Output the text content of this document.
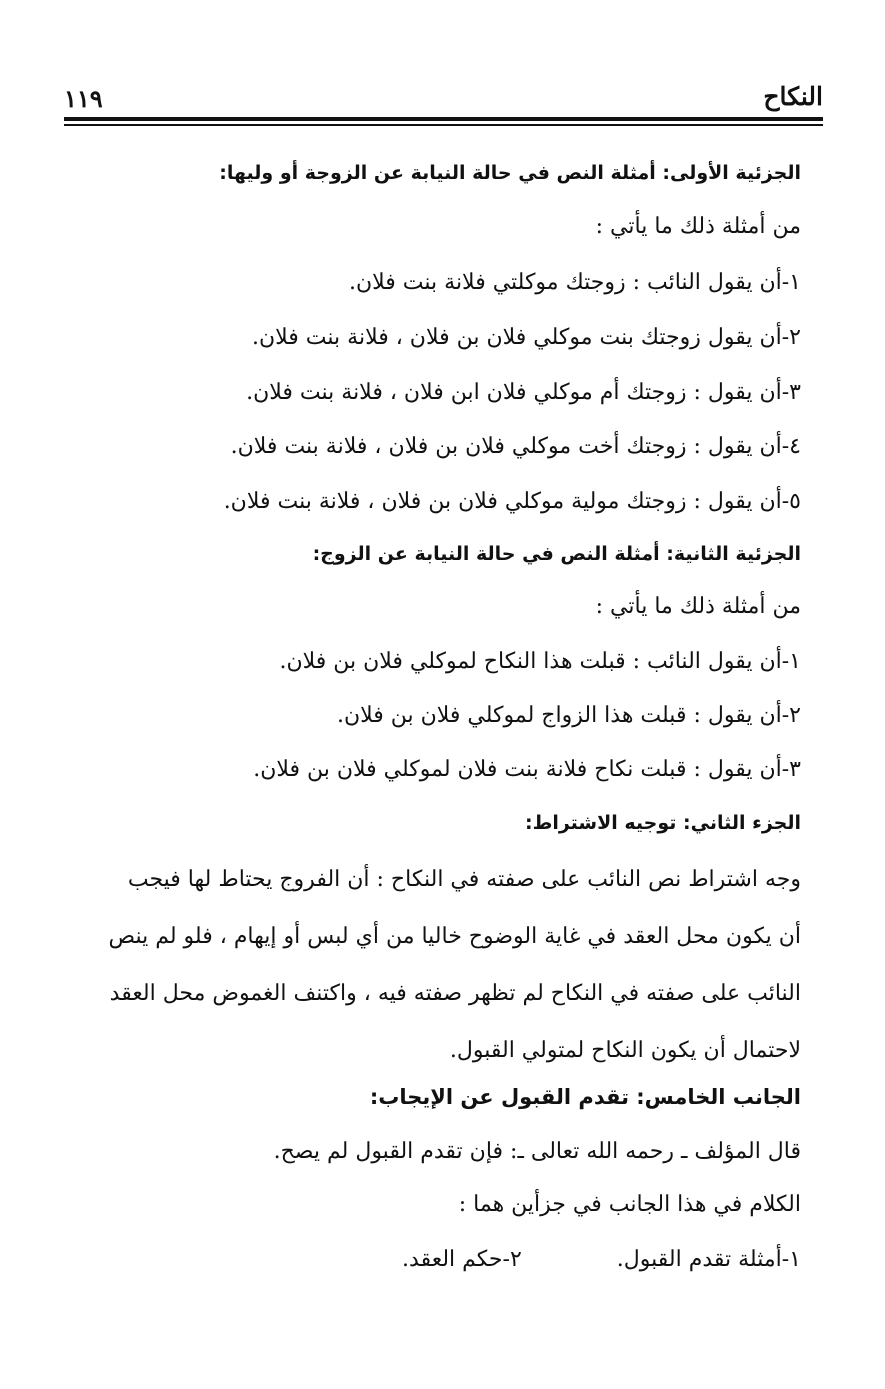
النكاح
١١٩
الجزئية الأولى: أمثلة النص في حالة النيابة عن الزوجة أو وليها:
من أمثلة ذلك ما يأتي :
١-أن يقول النائب : زوجتك موكلتي فلانة بنت فلان.
٢-أن يقول زوجتك بنت موكلي فلان بن فلان ، فلانة بنت فلان.
٣-أن يقول : زوجتك أم موكلي فلان ابن فلان ، فلانة بنت فلان.
٤-أن يقول : زوجتك أخت موكلي فلان بن فلان ، فلانة بنت فلان.
٥-أن يقول : زوجتك مولية موكلي فلان بن فلان ، فلانة بنت فلان.
الجزئية الثانية: أمثلة النص في حالة النيابة عن الزوج:
من أمثلة ذلك ما يأتي :
١-أن يقول النائب : قبلت هذا النكاح لموكلي فلان بن فلان.
٢-أن يقول : قبلت هذا الزواج لموكلي فلان بن فلان.
٣-أن يقول : قبلت نكاح فلانة بنت فلان لموكلي فلان بن فلان.
الجزء الثاني: توجيه الاشتراط:
وجه اشتراط نص النائب على صفته في النكاح : أن الفروج يحتاط لها فيجب
أن يكون محل العقد في غاية الوضوح خاليا من أي لبس أو إيهام ، فلو لم ينص
النائب على صفته في النكاح لم تظهر صفته فيه ، واكتنف الغموض محل العقد
لاحتمال أن يكون النكاح لمتولي القبول.
الجانب الخامس: تقدم القبول عن الإيجاب:
قال المؤلف ـ رحمه الله تعالى ـ: فإن تقدم القبول لم يصح.
الكلام في هذا الجانب في جزأين هما :
١-أمثلة تقدم القبول. ٢-حكم العقد.
